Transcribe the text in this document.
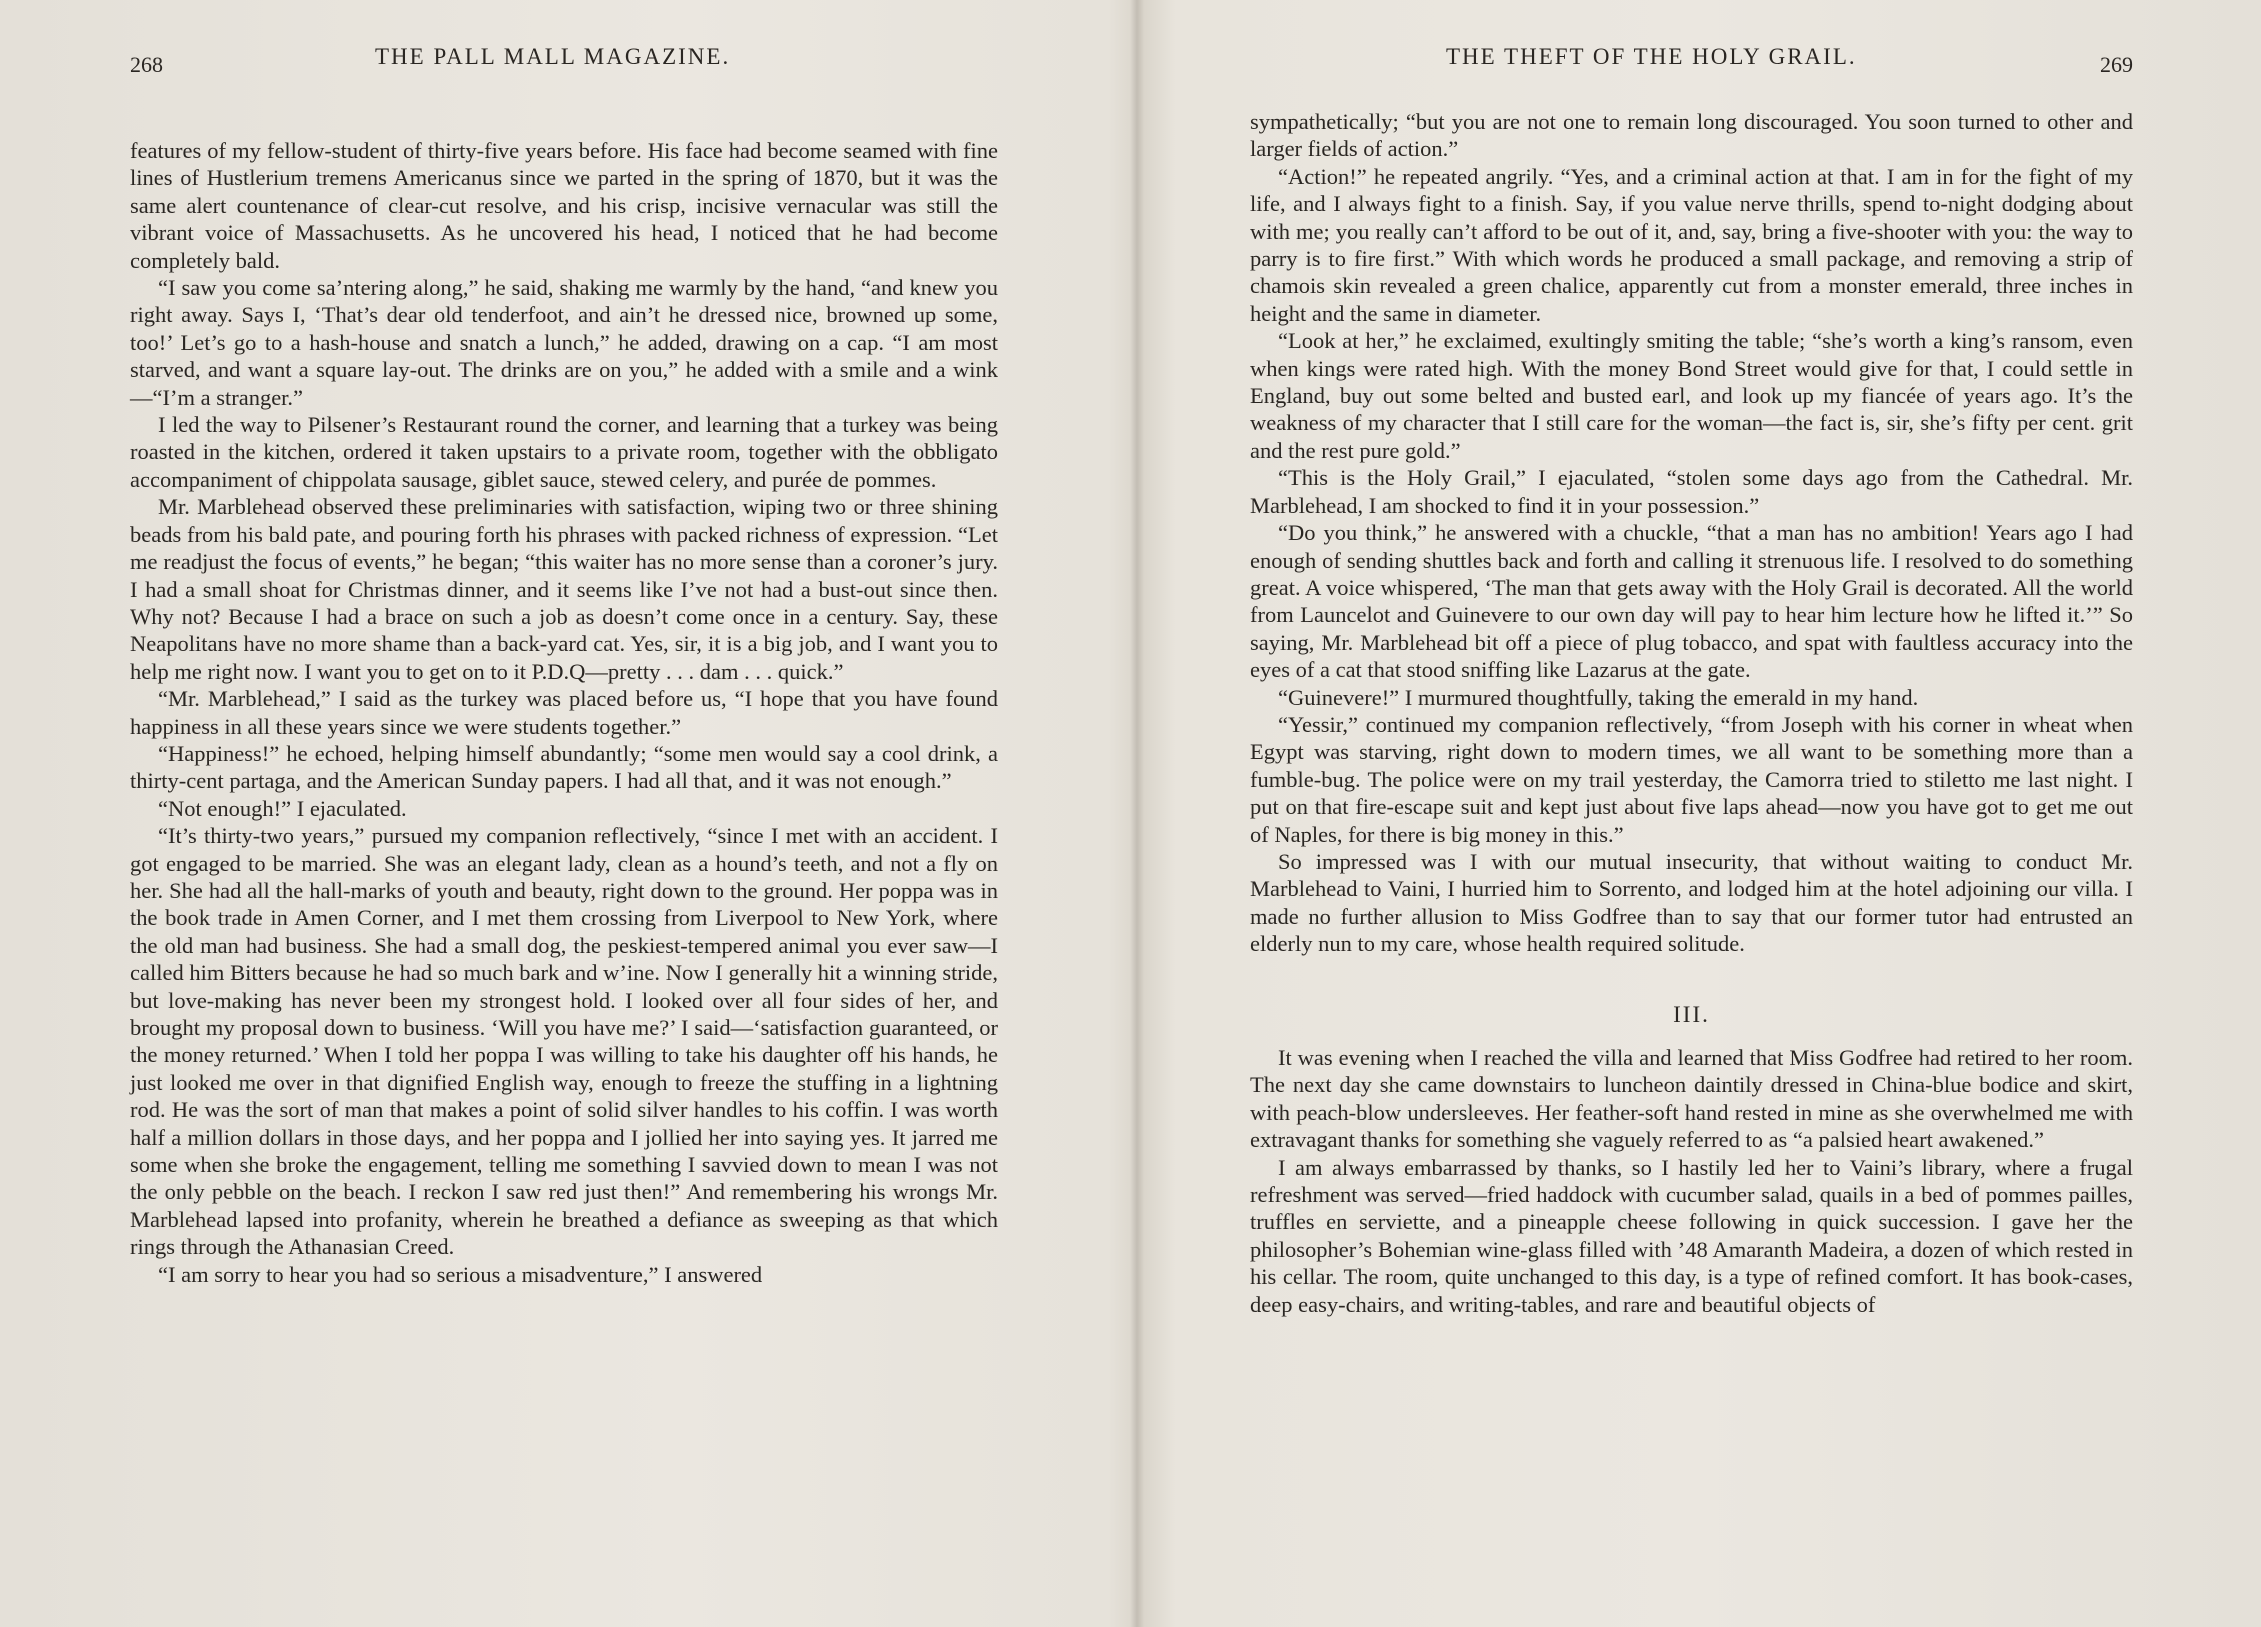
268	THE PALL MALL MAGAZINE.

features of my fellow-student of thirty-five years before. His face had become seamed with fine lines of Hustlerium tremens Americanus since we parted in the spring of 1870, but it was the same alert countenance of clear-cut resolve, and his crisp, incisive vernacular was still the vibrant voice of Massachusetts. As he uncovered his head, I noticed that he had become completely bald.

“I saw you come sa’ntering along,” he said, shaking me warmly by the hand, “and knew you right away. Says I, ‘That’s dear old tenderfoot, and ain’t he dressed nice, browned up some, too!’ Let’s go to a hash-house and snatch a lunch,” he added, drawing on a cap. “I am most starved, and want a square lay-out. The drinks are on you,” he added with a smile and a wink—“I’m a stranger.”

I led the way to Pilsener’s Restaurant round the corner, and learning that a turkey was being roasted in the kitchen, ordered it taken upstairs to a private room, together with the obbligato accompaniment of chippolata sausage, giblet sauce, stewed celery, and purée de pommes.

Mr. Marblehead observed these preliminaries with satisfaction, wiping two or three shining beads from his bald pate, and pouring forth his phrases with packed richness of expression. “Let me readjust the focus of events,” he began; “this waiter has no more sense than a coroner’s jury. I had a small shoat for Christmas dinner, and it seems like I’ve not had a bust-out since then. Why not? Because I had a brace on such a job as doesn’t come once in a century. Say, these Neapolitans have no more shame than a back-yard cat. Yes, sir, it is a big job, and I want you to help me right now. I want you to get on to it P.D.Q—pretty . . . dam . . . quick.”

“Mr. Marblehead,” I said as the turkey was placed before us, “I hope that you have found happiness in all these years since we were students together.”

“Happiness!” he echoed, helping himself abundantly; “some men would say a cool drink, a thirty-cent partaga, and the American Sunday papers. I had all that, and it was not enough.”

“Not enough!” I ejaculated.

“It’s thirty-two years,” pursued my companion reflectively, “since I met with an accident. I got engaged to be married. She was an elegant lady, clean as a hound’s teeth, and not a fly on her. She had all the hall-marks of youth and beauty, right down to the ground. Her poppa was in the book trade in Amen Corner, and I met them crossing from Liverpool to New York, where the old man had business. She had a small dog, the peskiest-tempered animal you ever saw—I called him Bitters because he had so much bark and w’ine. Now I generally hit a winning stride, but love-making has never been my strongest hold. I looked over all four sides of her, and brought my proposal down to business. ‘Will you have me?’ I said—‘satisfaction guaranteed, or the money returned.’ When I told her poppa I was willing to take his daughter off his hands, he just looked me over in that dignified English way, enough to freeze the stuffing in a lightning rod. He was the sort of man that makes a point of solid silver handles to his coffin. I was worth half a million dollars in those days, and her poppa and I jollied her into saying yes. It jarred me some when she broke the engagement, telling me something I savvied down to mean I was not the only pebble on the beach. I reckon I saw red just then!” And remembering his wrongs Mr. Marblehead lapsed into profanity, wherein he breathed a defiance as sweeping as that which rings through the Athanasian Creed.

“I am sorry to hear you had so serious a misadventure,” I answered

THE THEFT OF THE HOLY GRAIL.	269

sympathetically; “but you are not one to remain long discouraged. You soon turned to other and larger fields of action.”

“Action!” he repeated angrily. “Yes, and a criminal action at that. I am in for the fight of my life, and I always fight to a finish. Say, if you value nerve thrills, spend to-night dodging about with me; you really can’t afford to be out of it, and, say, bring a five-shooter with you: the way to parry is to fire first.” With which words he produced a small package, and removing a strip of chamois skin revealed a green chalice, apparently cut from a monster emerald, three inches in height and the same in diameter.

“Look at her,” he exclaimed, exultingly smiting the table; “she’s worth a king’s ransom, even when kings were rated high. With the money Bond Street would give for that, I could settle in England, buy out some belted and busted earl, and look up my fiancée of years ago. It’s the weakness of my character that I still care for the woman—the fact is, sir, she’s fifty per cent. grit and the rest pure gold.”

“This is the Holy Grail,” I ejaculated, “stolen some days ago from the Cathedral. Mr. Marblehead, I am shocked to find it in your possession.”

“Do you think,” he answered with a chuckle, “that a man has no ambition! Years ago I had enough of sending shuttles back and forth and calling it strenuous life. I resolved to do something great. A voice whispered, ‘The man that gets away with the Holy Grail is decorated. All the world from Launcelot and Guinevere to our own day will pay to hear him lecture how he lifted it.’” So saying, Mr. Marblehead bit off a piece of plug tobacco, and spat with faultless accuracy into the eyes of a cat that stood sniffing like Lazarus at the gate.

“Guinevere!” I murmured thoughtfully, taking the emerald in my hand.

“Yessir,” continued my companion reflectively, “from Joseph with his corner in wheat when Egypt was starving, right down to modern times, we all want to be something more than a fumble-bug. The police were on my trail yesterday, the Camorra tried to stiletto me last night. I put on that fire-escape suit and kept just about five laps ahead—now you have got to get me out of Naples, for there is big money in this.”

So impressed was I with our mutual insecurity, that without waiting to conduct Mr. Marblehead to Vaini, I hurried him to Sorrento, and lodged him at the hotel adjoining our villa. I made no further allusion to Miss Godfree than to say that our former tutor had entrusted an elderly nun to my care, whose health required solitude.

III.

It was evening when I reached the villa and learned that Miss Godfree had retired to her room. The next day she came downstairs to luncheon daintily dressed in China-blue bodice and skirt, with peach-blow undersleeves. Her feather-soft hand rested in mine as she overwhelmed me with extravagant thanks for something she vaguely referred to as “a palsied heart awakened.”

I am always embarrassed by thanks, so I hastily led her to Vaini’s library, where a frugal refreshment was served—fried haddock with cucumber salad, quails in a bed of pommes pailles, truffles en serviette, and a pineapple cheese following in quick succession. I gave her the philosopher’s Bohemian wine-glass filled with ’48 Amaranth Madeira, a dozen of which rested in his cellar. The room, quite unchanged to this day, is a type of refined comfort. It has book-cases, deep easy-chairs, and writing-tables, and rare and beautiful objects of
